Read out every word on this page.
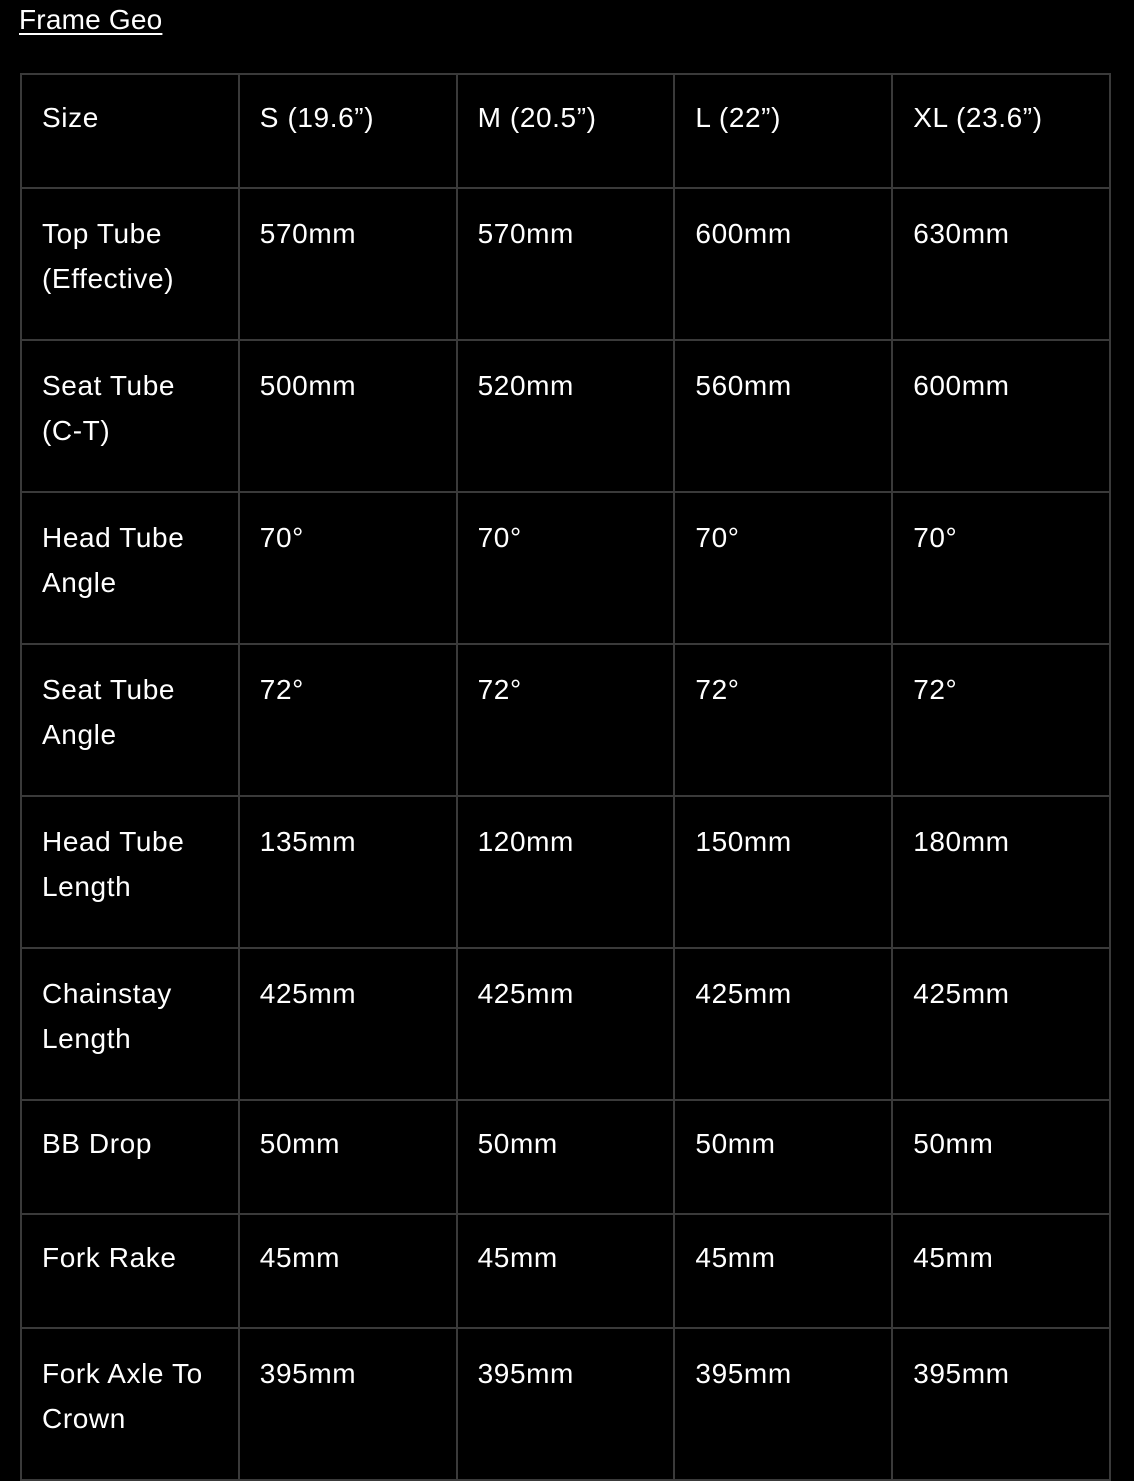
Frame Geo
Size	S (19.6”)	M (20.5”)	L (22”)	XL (23.6”)
Top Tube (Effective)	570mm	570mm	600mm	630mm
Seat Tube (C-T)	500mm	520mm	560mm	600mm
Head Tube Angle	70°	70°	70°	70°
Seat Tube Angle	72°	72°	72°	72°
Head Tube Length	135mm	120mm	150mm	180mm
Chainstay Length	425mm	425mm	425mm	425mm
BB Drop	50mm	50mm	50mm	50mm
Fork Rake	45mm	45mm	45mm	45mm
Fork Axle To Crown	395mm	395mm	395mm	395mm
